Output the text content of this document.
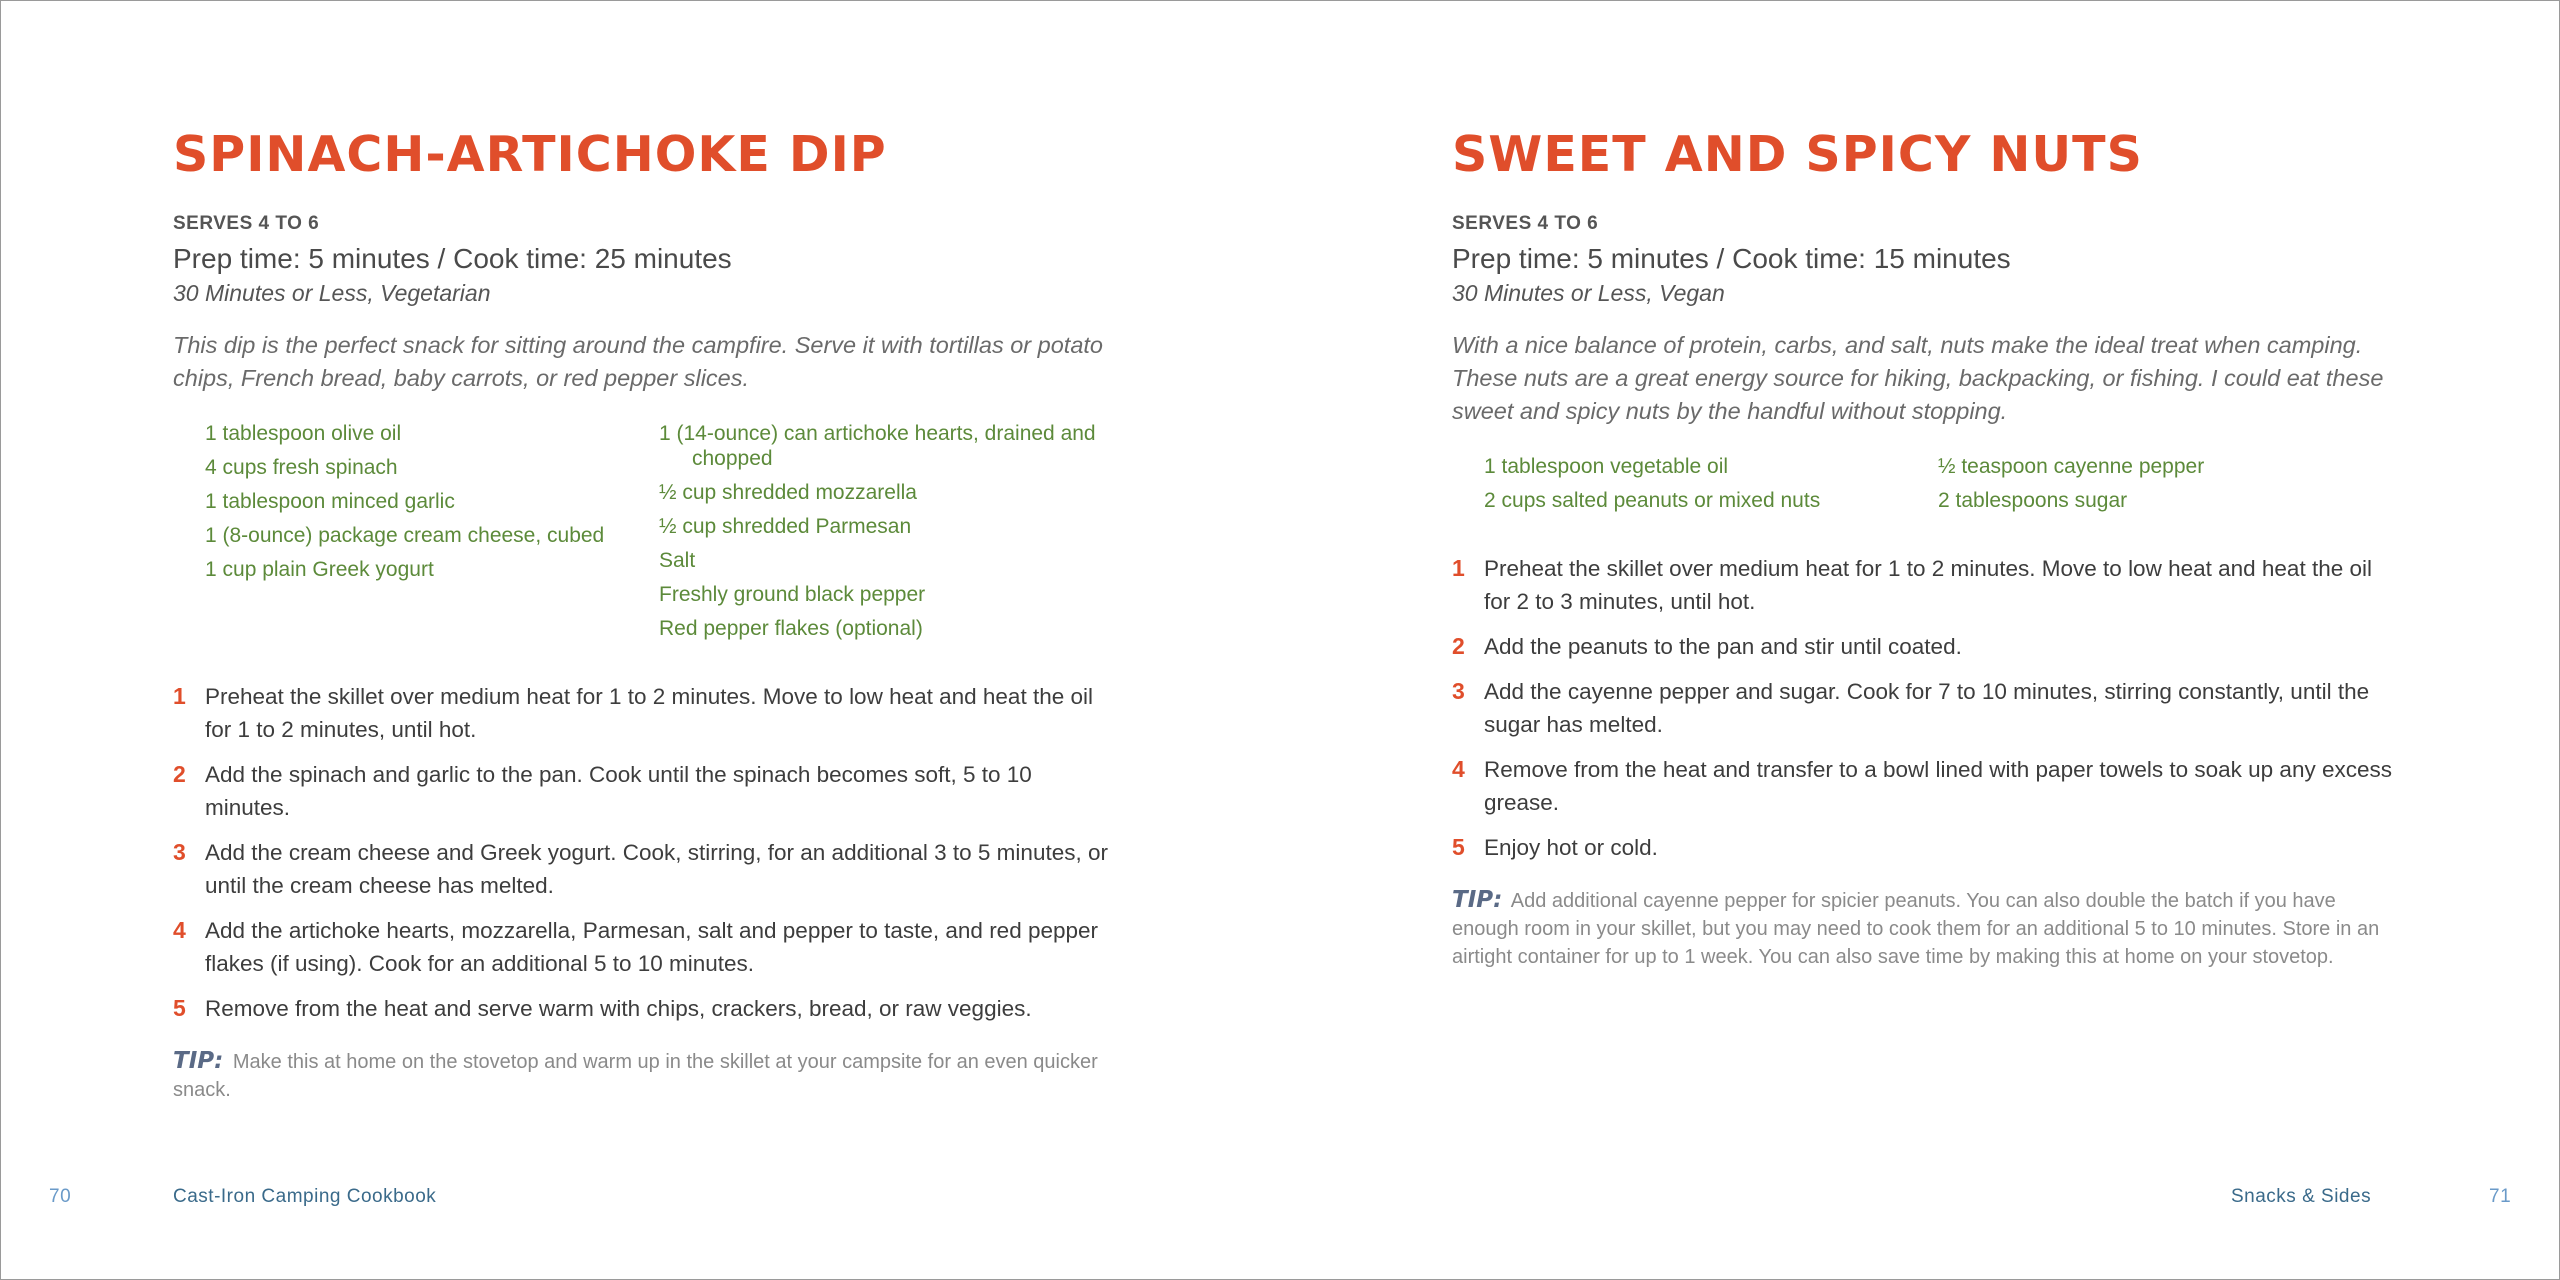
SPINACH-ARTICHOKE DIP

SERVES 4 TO 6

Prep time: 5 minutes / Cook time: 25 minutes

30 Minutes or Less, Vegetarian

This dip is the perfect snack for sitting around the campfire. Serve it with tortillas or potato chips, French bread, baby carrots, or red pepper slices.

1 tablespoon olive oil

4 cups fresh spinach

1 tablespoon minced garlic

1 (8-ounce) package cream cheese, cubed

1 cup plain Greek yogurt

1 (14-ounce) can artichoke hearts, drained and chopped

½ cup shredded mozzarella

½ cup shredded Parmesan

Salt

Freshly ground black pepper

Red pepper flakes (optional)

1 Preheat the skillet over medium heat for 1 to 2 minutes. Move to low heat and heat the oil for 1 to 2 minutes, until hot.
2 Add the spinach and garlic to the pan. Cook until the spinach becomes soft, 5 to 10 minutes.
3 Add the cream cheese and Greek yogurt. Cook, stirring, for an additional 3 to 5 minutes, or until the cream cheese has melted.
4 Add the artichoke hearts, mozzarella, Parmesan, salt and pepper to taste, and red pepper flakes (if using). Cook for an additional 5 to 10 minutes.
5 Remove from the heat and serve warm with chips, crackers, bread, or raw veggies.
TIP: Make this at home on the stovetop and warm up in the skillet at your campsite for an even quicker snack.
70	Cast-Iron Camping Cookbook
SWEET AND SPICY NUTS

SERVES 4 TO 6

Prep time: 5 minutes / Cook time: 15 minutes

30 Minutes or Less, Vegan

With a nice balance of protein, carbs, and salt, nuts make the ideal treat when camping. These nuts are a great energy source for hiking, backpacking, or fishing. I could eat these sweet and spicy nuts by the handful without stopping.

1 tablespoon vegetable oil

2 cups salted peanuts or mixed nuts

½ teaspoon cayenne pepper

2 tablespoons sugar

1 Preheat the skillet over medium heat for 1 to 2 minutes. Move to low heat and heat the oil for 2 to 3 minutes, until hot.
2 Add the peanuts to the pan and stir until coated.
3 Add the cayenne pepper and sugar. Cook for 7 to 10 minutes, stirring constantly, until the sugar has melted.
4 Remove from the heat and transfer to a bowl lined with paper towels to soak up any excess grease.
5 Enjoy hot or cold.
TIP: Add additional cayenne pepper for spicier peanuts. You can also double the batch if you have enough room in your skillet, but you may need to cook them for an additional 5 to 10 minutes. Store in an airtight container for up to 1 week. You can also save time by making this at home on your stovetop.
Snacks & Sides	71
